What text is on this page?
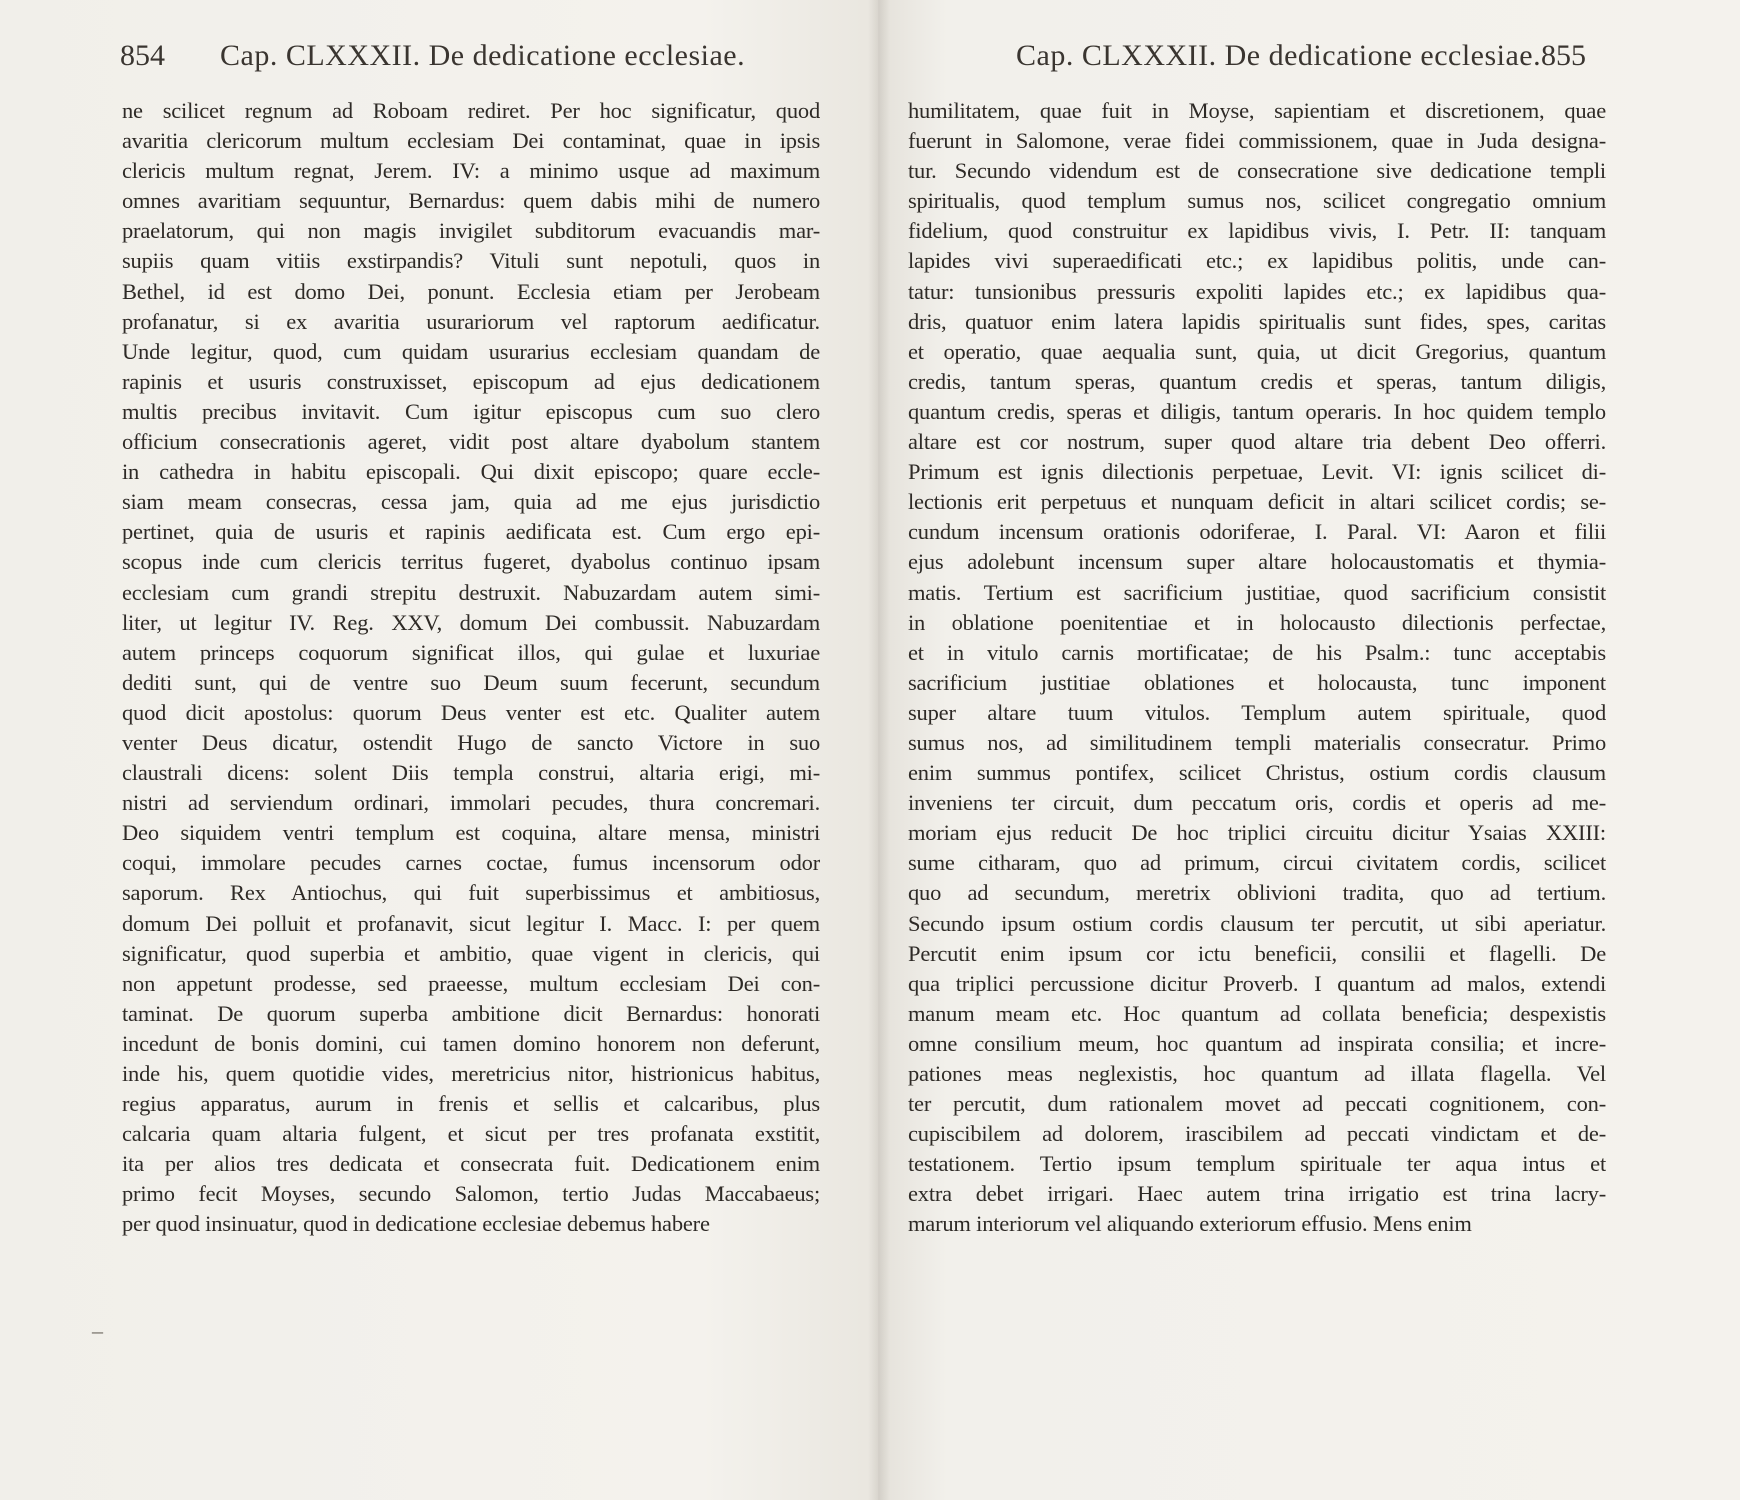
854 Cap. CLXXXII. De dedicatione ecclesiae.
ne scilicet regnum ad Roboam rediret. Per hoc significatur, quod
avaritia clericorum multum ecclesiam Dei contaminat, quae in ipsis
clericis multum regnat, Jerem. IV: a minimo usque ad maximum
omnes avaritiam sequuntur, Bernardus: quem dabis mihi de numero
praelatorum, qui non magis invigilet subditorum evacuandis mar-
supiis quam vitiis exstirpandis? Vituli sunt nepotuli, quos in
Bethel, id est domo Dei, ponunt. Ecclesia etiam per Jerobeam
profanatur, si ex avaritia usurariorum vel raptorum aedificatur.
Unde legitur, quod, cum quidam usurarius ecclesiam quandam de
rapinis et usuris construxisset, episcopum ad ejus dedicationem
multis precibus invitavit. Cum igitur episcopus cum suo clero
officium consecrationis ageret, vidit post altare dyabolum stantem
in cathedra in habitu episcopali. Qui dixit episcopo; quare eccle-
siam meam consecras, cessa jam, quia ad me ejus jurisdictio
pertinet, quia de usuris et rapinis aedificata est. Cum ergo epi-
scopus inde cum clericis territus fugeret, dyabolus continuo ipsam
ecclesiam cum grandi strepitu destruxit. Nabuzardam autem simi-
liter, ut legitur IV. Reg. XXV, domum Dei combussit. Nabuzardam
autem princeps coquorum significat illos, qui gulae et luxuriae
dediti sunt, qui de ventre suo Deum suum fecerunt, secundum
quod dicit apostolus: quorum Deus venter est etc. Qualiter autem
venter Deus dicatur, ostendit Hugo de sancto Victore in suo
claustrali dicens: solent Diis templa construi, altaria erigi, mi-
nistri ad serviendum ordinari, immolari pecudes, thura concremari.
Deo siquidem ventri templum est coquina, altare mensa, ministri
coqui, immolare pecudes carnes coctae, fumus incensorum odor
saporum. Rex Antiochus, qui fuit superbissimus et ambitiosus,
domum Dei polluit et profanavit, sicut legitur I. Macc. I: per quem
significatur, quod superbia et ambitio, quae vigent in clericis, qui
non appetunt prodesse, sed praeesse, multum ecclesiam Dei con-
taminat. De quorum superba ambitione dicit Bernardus: honorati
incedunt de bonis domini, cui tamen domino honorem non deferunt,
inde his, quem quotidie vides, meretricius nitor, histrionicus habitus,
regius apparatus, aurum in frenis et sellis et calcaribus, plus
calcaria quam altaria fulgent, et sicut per tres profanata exstitit,
ita per alios tres dedicata et consecrata fuit. Dedicationem enim
primo fecit Moyses, secundo Salomon, tertio Judas Maccabaeus;
per quod insinuatur, quod in dedicatione ecclesiae debemus habere
–
Cap. CLXXXII. De dedicatione ecclesiae. 855
humilitatem, quae fuit in Moyse, sapientiam et discretionem, quae
fuerunt in Salomone, verae fidei commissionem, quae in Juda designa-
tur. Secundo videndum est de consecratione sive dedicatione templi
spiritualis, quod templum sumus nos, scilicet congregatio omnium
fidelium, quod construitur ex lapidibus vivis, I. Petr. II: tanquam
lapides vivi superaedificati etc.; ex lapidibus politis, unde can-
tatur: tunsionibus pressuris expoliti lapides etc.; ex lapidibus qua-
dris, quatuor enim latera lapidis spiritualis sunt fides, spes, caritas
et operatio, quae aequalia sunt, quia, ut dicit Gregorius, quantum
credis, tantum speras, quantum credis et speras, tantum diligis,
quantum credis, speras et diligis, tantum operaris. In hoc quidem templo
altare est cor nostrum, super quod altare tria debent Deo offerri.
Primum est ignis dilectionis perpetuae, Levit. VI: ignis scilicet di-
lectionis erit perpetuus et nunquam deficit in altari scilicet cordis; se-
cundum incensum orationis odoriferae, I. Paral. VI: Aaron et filii
ejus adolebunt incensum super altare holocaustomatis et thymia-
matis. Tertium est sacrificium justitiae, quod sacrificium consistit
in oblatione poenitentiae et in holocausto dilectionis perfectae,
et in vitulo carnis mortificatae; de his Psalm.: tunc acceptabis
sacrificium justitiae oblationes et holocausta, tunc imponent
super altare tuum vitulos. Templum autem spirituale, quod
sumus nos, ad similitudinem templi materialis consecratur. Primo
enim summus pontifex, scilicet Christus, ostium cordis clausum
inveniens ter circuit, dum peccatum oris, cordis et operis ad me-
moriam ejus reducit De hoc triplici circuitu dicitur Ysaias XXIII:
sume citharam, quo ad primum, circui civitatem cordis, scilicet
quo ad secundum, meretrix oblivioni tradita, quo ad tertium.
Secundo ipsum ostium cordis clausum ter percutit, ut sibi aperiatur.
Percutit enim ipsum cor ictu beneficii, consilii et flagelli. De
qua triplici percussione dicitur Proverb. I quantum ad malos, extendi
manum meam etc. Hoc quantum ad collata beneficia; despexistis
omne consilium meum, hoc quantum ad inspirata consilia; et incre-
pationes meas neglexistis, hoc quantum ad illata flagella. Vel
ter percutit, dum rationalem movet ad peccati cognitionem, con-
cupiscibilem ad dolorem, irascibilem ad peccati vindictam et de-
testationem. Tertio ipsum templum spirituale ter aqua intus et
extra debet irrigari. Haec autem trina irrigatio est trina lacry-
marum interiorum vel aliquando exteriorum effusio. Mens enim
